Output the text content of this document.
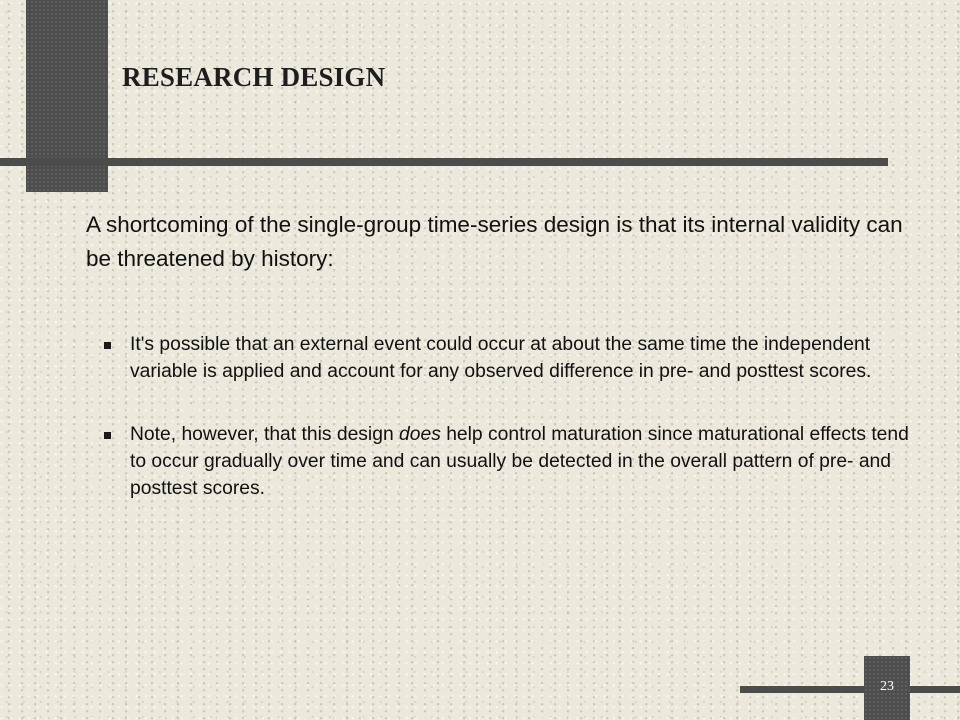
RESEARCH DESIGN
A shortcoming of the single-group time-series design is that its internal validity can be threatened by history:
It's possible that an external event could occur at about the same time the independent variable is applied and account for any observed difference in pre- and posttest scores.
Note, however, that this design does help control maturation since maturational effects tend to occur gradually over time and can usually be detected in the overall pattern of pre- and posttest scores.
23
